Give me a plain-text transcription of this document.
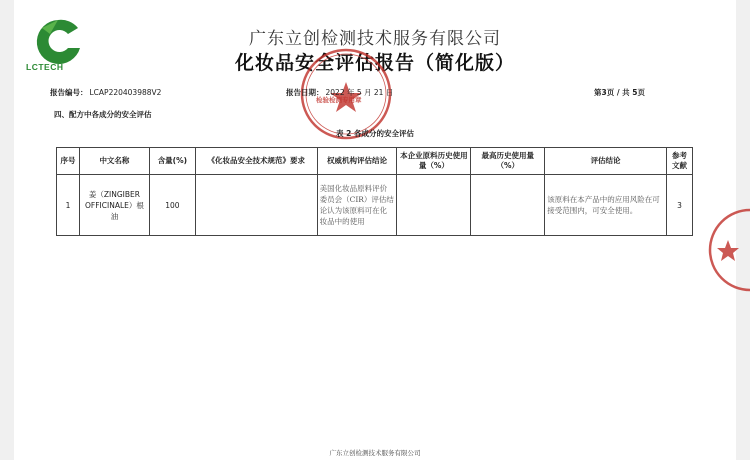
LCTECH
广东立创检测技术服务有限公司
化妆品安全评估报告（简化版）
检验检测专用章
报告编号： LCAP220403988V2	报告日期： 2022 年 5 月 21 日	第3页 / 共 5页
四、配方中各成分的安全评估
表 2 各成分的安全评估
序号	中文名称	含量(%)	《化妆品安全技术规范》要求	权威机构评估结论	本企业原料历史使用量（%）	最高历史使用量（%）	评估结论	参考文献
1	姜（ZINGIBER OFFICINALE）根油	100		美国化妆品原料评价委员会（CIR）评估结论认为该原料可在化妆品中的使用			该原料在本产品中的应用风险在可接受范围内，可安全使用。	3
广东立创检测技术服务有限公司
